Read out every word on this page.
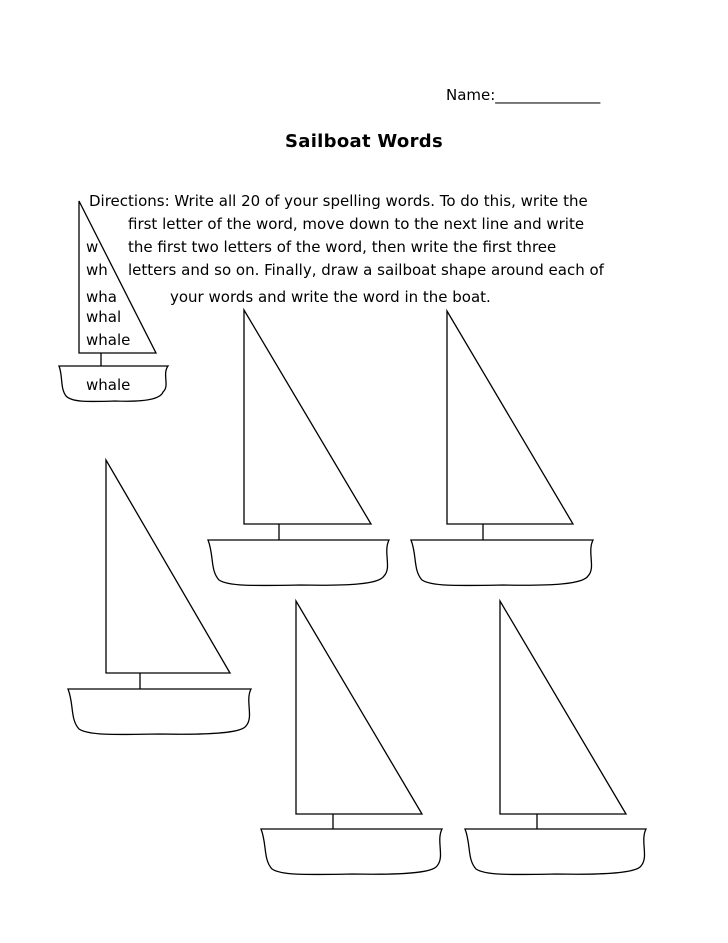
Name:______________
Sailboat Words
Directions: Write all 20 of your spelling words. To do this, write the
first letter of the word, move down to the next line and write
the first two letters of the word, then write the first three
letters and so on. Finally, draw a sailboat shape around each of
your words and write the word in the boat.
w
wh
wha
whal
whale
whale
